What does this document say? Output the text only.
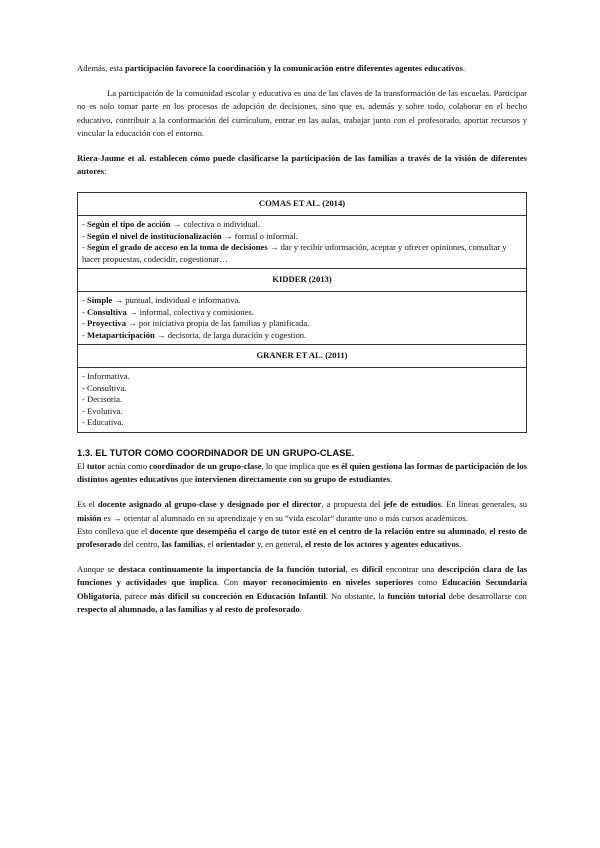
Además, esta participación favorece la coordinación y la comunicación entre diferentes agentes educativos.

La participación de la comunidad escolar y educativa es una de las claves de la transformación de las escuelas. Participar no es solo tomar parte en los procesos de adopción de decisiones, sino que es, además y sobre todo, colaborar en el hecho educativo, contribuir a la conformación del currículum, entrar en las aulas, trabajar junto con el profesorado, aportar recursos y vincular la educación con el entorno.

Riera-Jaume et al. establecen cómo puede clasificarse la participación de las familias a través de la visión de diferentes autores:

COMAS ET AL. (2014)

- Según el tipo de acción → colectiva o individual.
- Según el nivel de institucionalización → formal o informal.
- Según el grado de acceso en la toma de decisiones → dar y recibir información, aceptar y ofrecer opiniones, consultar y hacer propuestas, codecidir, cogestionar…

KIDDER (2013)

- Simple → puntual, individual e informativa.
- Consultiva → informal, colectiva y comisiones.
- Proyectiva → por iniciativa propia de las familias y planificada.
- Metaparticipación → decisoria, de larga duración y cogestion.

GRANER ET AL. (2011)

- Informativa.
- Consultiva.
- Decisoria.
- Evolutiva.
- Educativa.
1.3. EL TUTOR COMO COORDINADOR DE UN GRUPO-CLASE.

El tutor actúa como coordinador de un grupo-clase, lo que implica que es él quien gestiona las formas de participación de los distintos agentes educativos que intervienen directamente con su grupo de estudiantes.

Es el docente asignado al grupo-clase y designado por el director, a propuesta del jefe de estudios. En líneas generales, su misión es → orientar al alumnado en su aprendizaje y en su “vida escolar” durante uno o más cursos académicos.

Esto conlleva que el docente que desempeña el cargo de tutor esté en el centro de la relación entre su alumnado, el resto de profesorado del centro, las familias, el orientador y, en general, el resto de los actores y agentes educativos.

Aunque se destaca continuamente la importancia de la función tutorial, es difícil encontrar una descripción clara de las funciones y actividades que implica. Con mayor reconocimiento en niveles superiores como Educación Secundaria Obligatoria, parece más difícil su concreción en Educación Infantil. No obstante, la función tutorial debe desarrollarse con respecto al alumnado, a las familias y al resto de profesorado.
